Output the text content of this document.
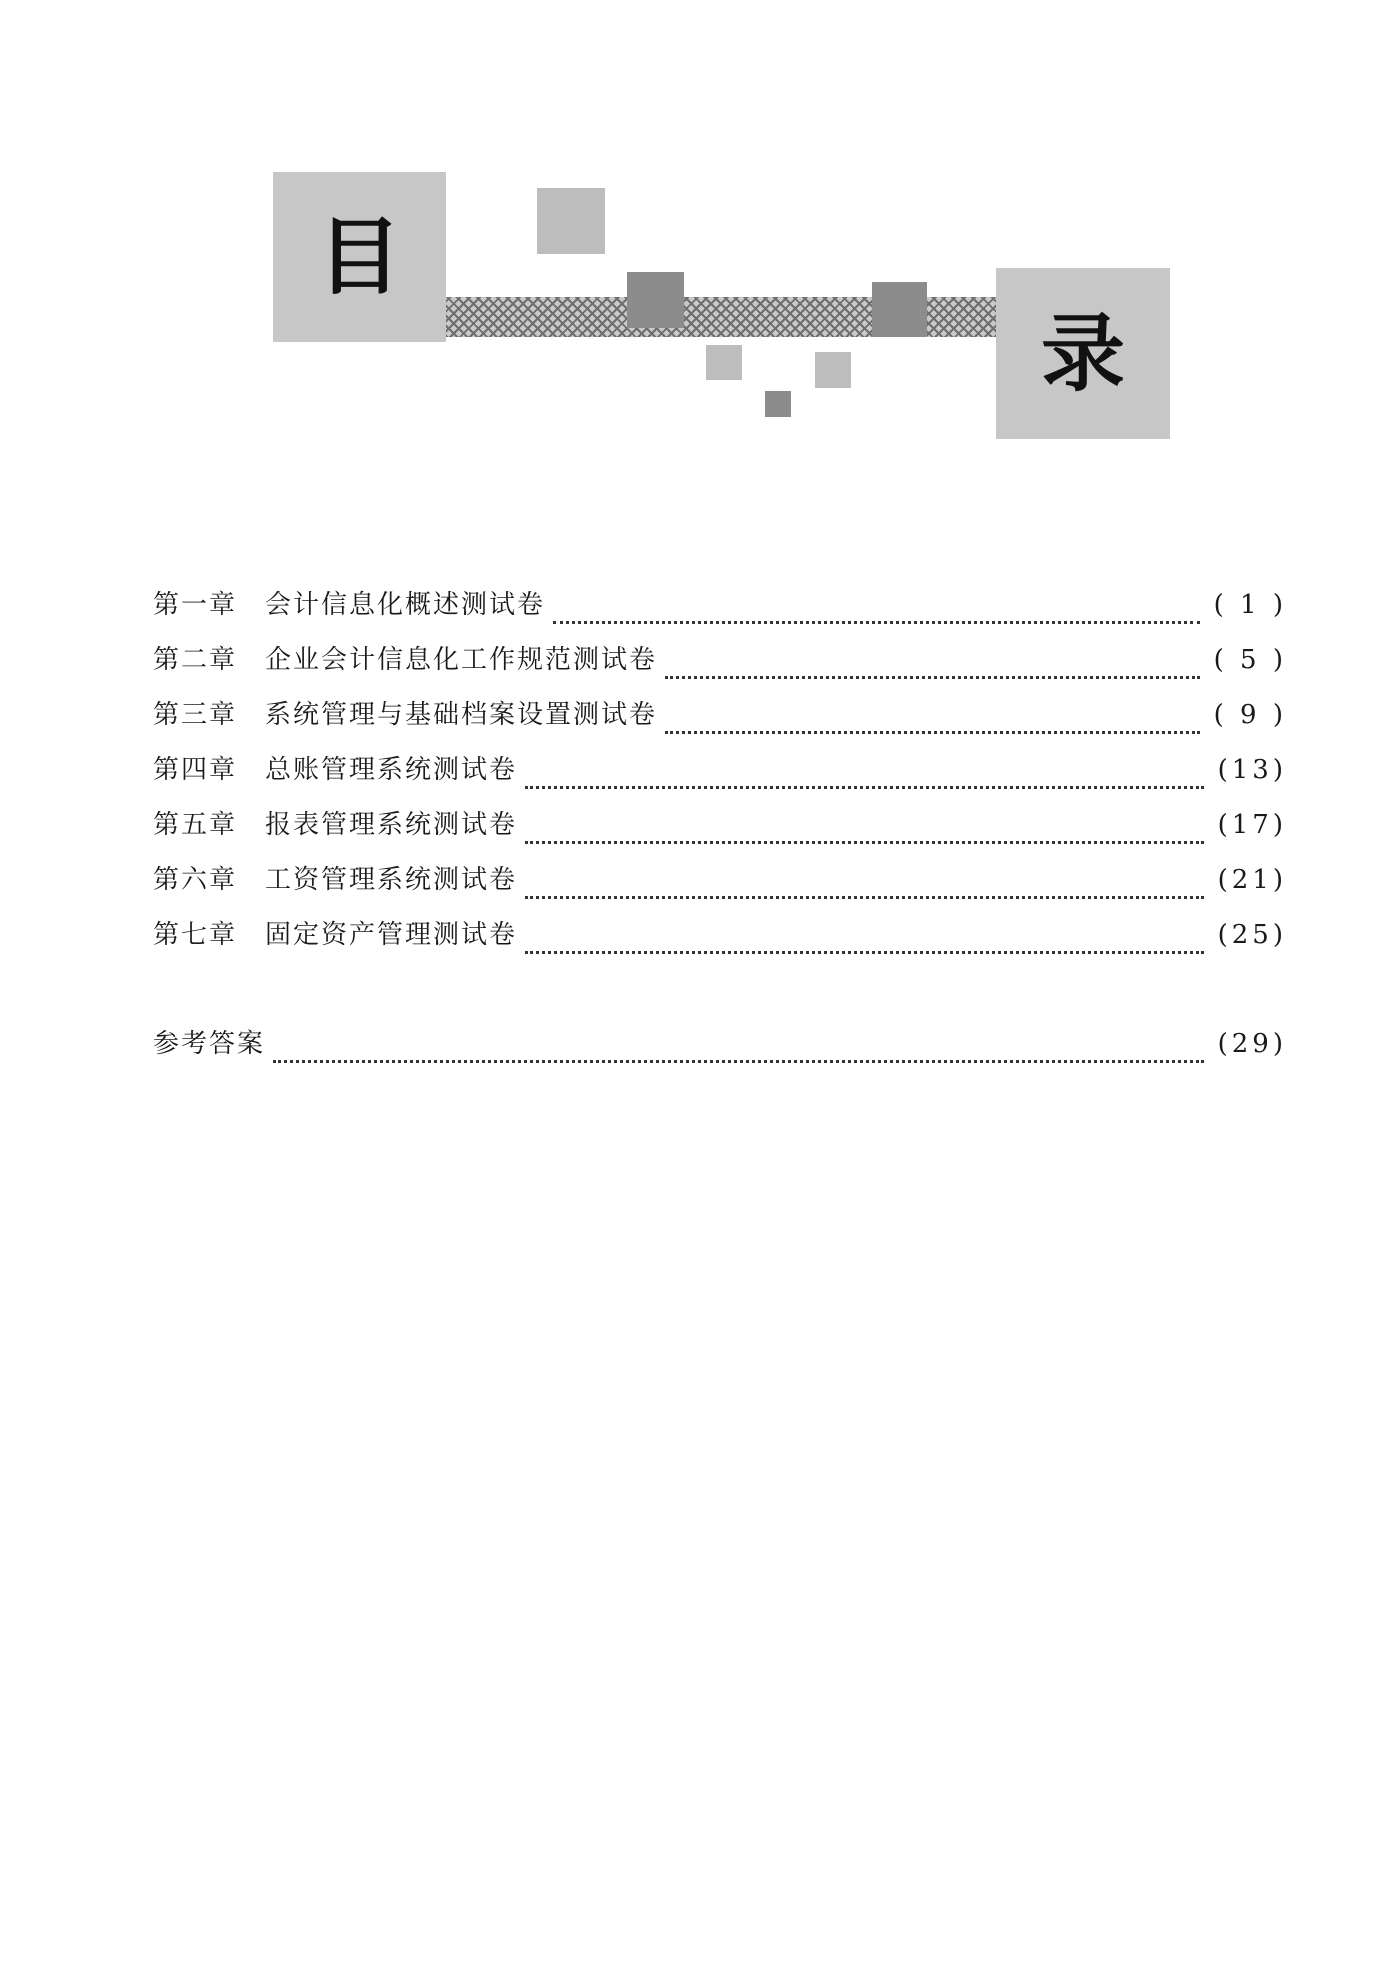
目
录
第一章	会计信息化概述测试卷	( 1 )
第二章	企业会计信息化工作规范测试卷	( 5 )
第三章	系统管理与基础档案设置测试卷	( 9 )
第四章	总账管理系统测试卷	(13)
第五章	报表管理系统测试卷	(17)
第六章	工资管理系统测试卷	(21)
第七章	固定资产管理测试卷	(25)
参考答案	(29)
